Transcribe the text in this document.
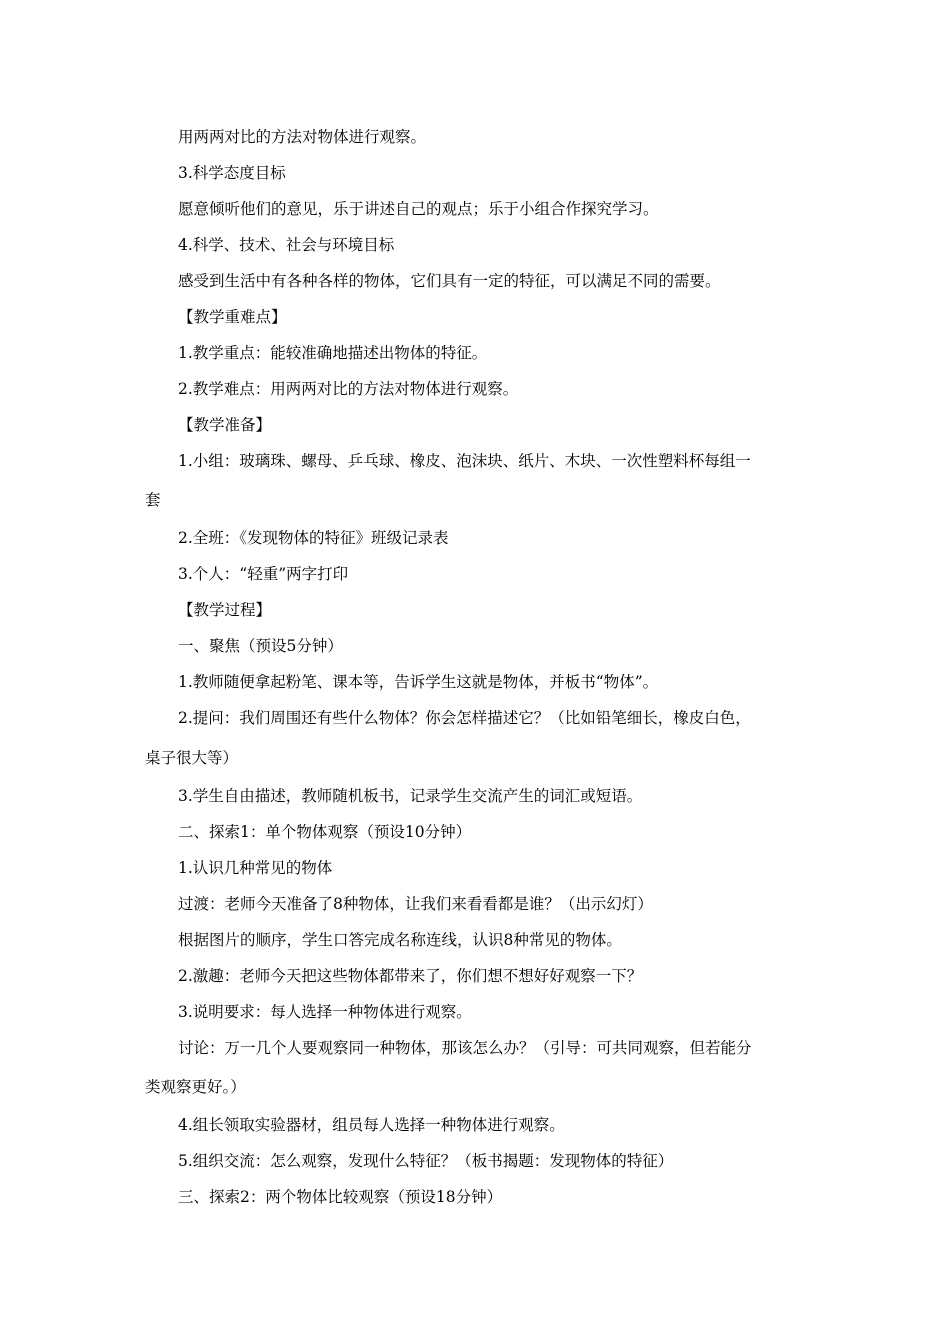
用两两对比的方法对物体进行观察。
3.科学态度目标
愿意倾听他们的意见，乐于讲述自己的观点；乐于小组合作探究学习。
4.科学、技术、社会与环境目标
感受到生活中有各种各样的物体，它们具有一定的特征，可以满足不同的需要。
【教学重难点】
1.教学重点：能较准确地描述出物体的特征。
2.教学难点：用两两对比的方法对物体进行观察。
【教学准备】
1.小组：玻璃珠、螺母、乒乓球、橡皮、泡沫块、纸片、木块、一次性塑料杯每组一
套
2.全班：《发现物体的特征》班级记录表
3.个人：“轻重”两字打印
【教学过程】
一、聚焦（预设5分钟）
1.教师随便拿起粉笔、课本等，告诉学生这就是物体，并板书“物体”。
2.提问：我们周围还有些什么物体？你会怎样描述它？（比如铅笔细长，橡皮白色，
桌子很大等）
3.学生自由描述，教师随机板书，记录学生交流产生的词汇或短语。
二、探索1：单个物体观察（预设10分钟）
1.认识几种常见的物体
过渡：老师今天准备了8种物体，让我们来看看都是谁？（出示幻灯）
根据图片的顺序，学生口答完成名称连线，认识8种常见的物体。
2.激趣：老师今天把这些物体都带来了，你们想不想好好观察一下？
3.说明要求：每人选择一种物体进行观察。
讨论：万一几个人要观察同一种物体，那该怎么办？（引导：可共同观察，但若能分
类观察更好。）
4.组长领取实验器材，组员每人选择一种物体进行观察。
5.组织交流：怎么观察，发现什么特征？（板书揭题：发现物体的特征）
三、探索2：两个物体比较观察（预设18分钟）
